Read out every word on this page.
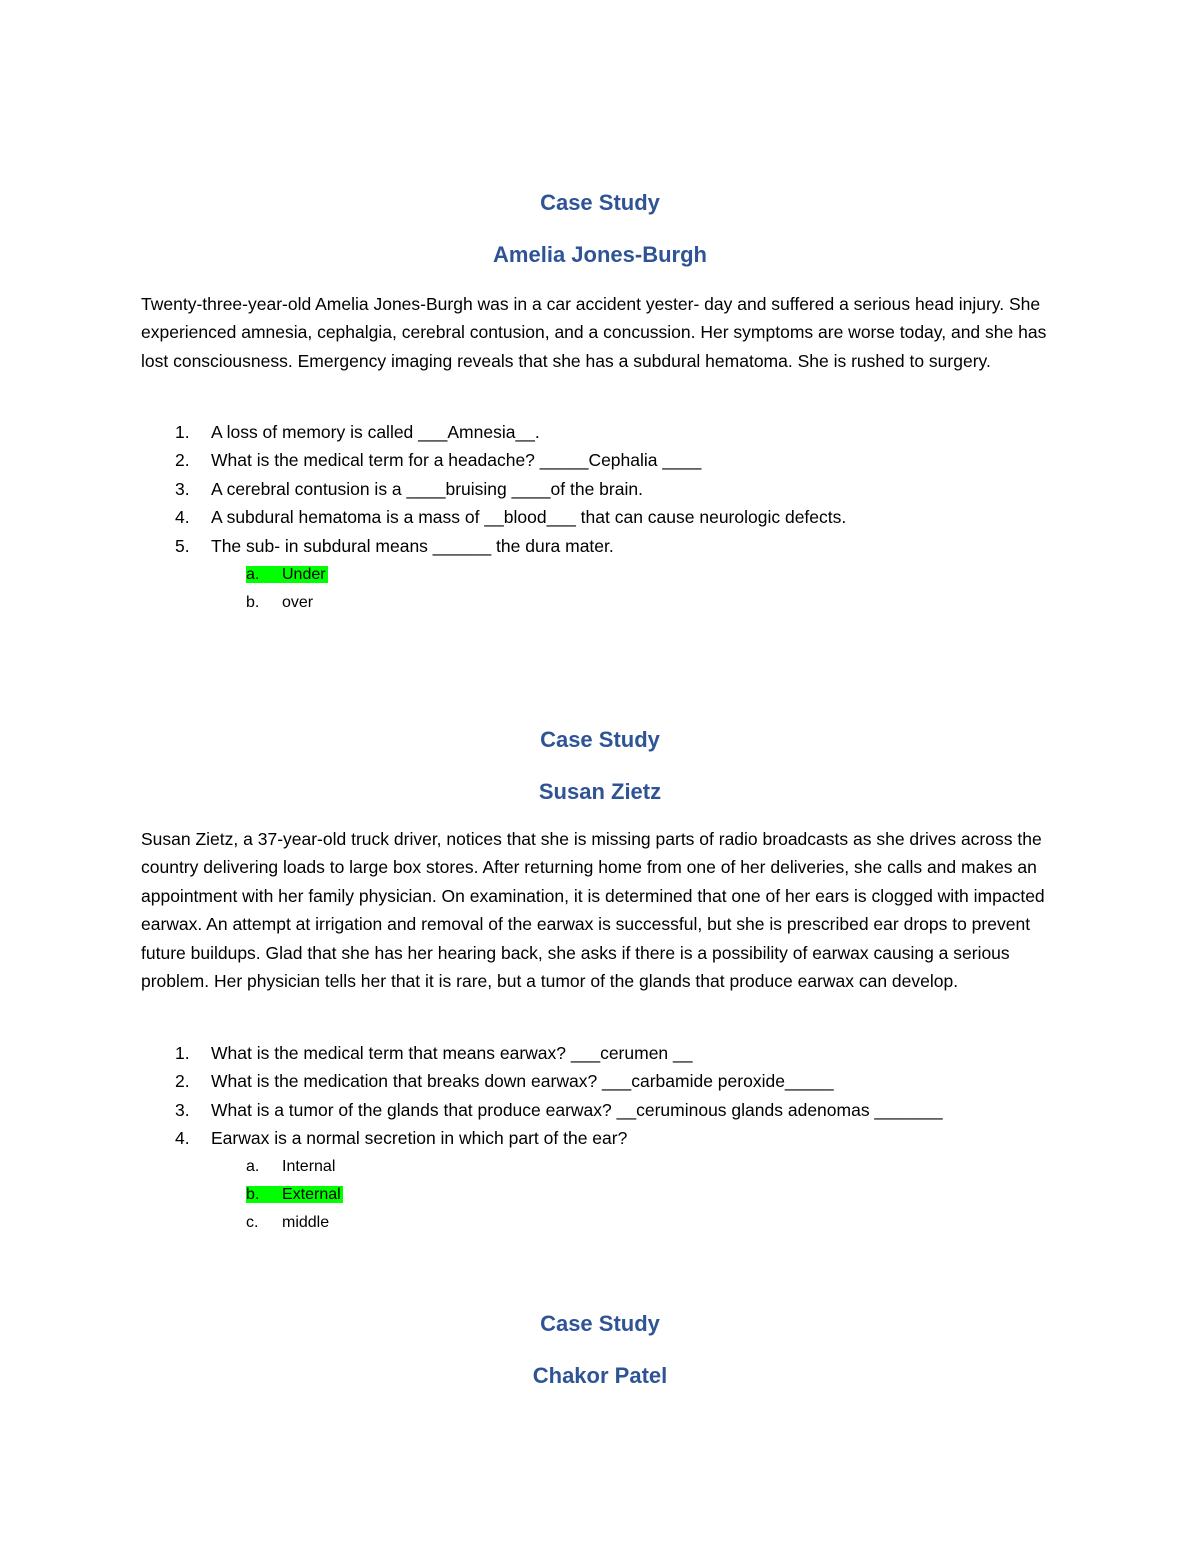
Case Study
Amelia Jones-Burgh

Twenty-three-year-old Amelia Jones-Burgh was in a car accident yester- day and suffered a serious head injury. She experienced amnesia, cephalgia, cerebral contusion, and a concussion. Her symptoms are worse today, and she has lost consciousness. Emergency imaging reveals that she has a subdural hematoma. She is rushed to surgery.

1.	A loss of memory is called ___Amnesia__.
2.	What is the medical term for a headache? _____Cephalia ____
3.	A cerebral contusion is a ____bruising ____of the brain.
4.	A subdural hematoma is a mass of __blood___ that can cause neurologic defects.
5.	The sub- in subdural means ______ the dura mater.
a. Under
b. over
Case Study
Susan Zietz

Susan Zietz, a 37-year-old truck driver, notices that she is missing parts of radio broadcasts as she drives across the country delivering loads to large box stores. After returning home from one of her deliveries, she calls and makes an appointment with her family physician. On examination, it is determined that one of her ears is clogged with impacted earwax. An attempt at irrigation and removal of the earwax is successful, but she is prescribed ear drops to prevent future buildups. Glad that she has her hearing back, she asks if there is a possibility of earwax causing a serious problem. Her physician tells her that it is rare, but a tumor of the glands that produce earwax can develop.

1.	What is the medical term that means earwax? ___cerumen __
2.	What is the medication that breaks down earwax? ___carbamide peroxide_____
3.	What is a tumor of the glands that produce earwax? __ceruminous glands adenomas _______
4.	Earwax is a normal secretion in which part of the ear?
a. Internal
b. External
c. middle
Case Study
Chakor Patel
